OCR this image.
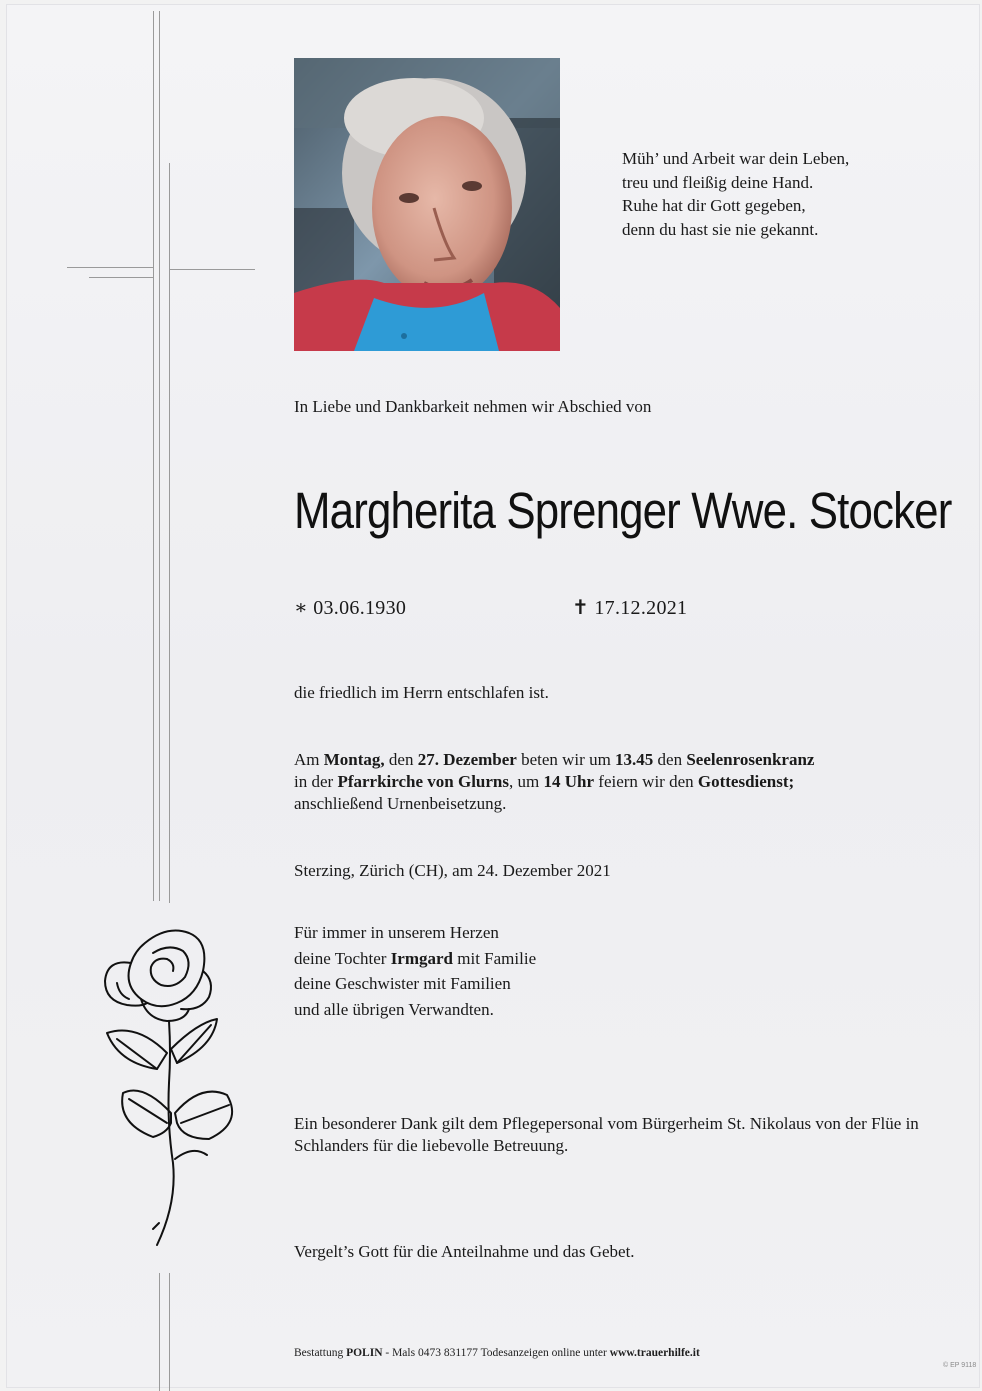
Müh’ und Arbeit war dein Leben,
treu und fleißig deine Hand.
Ruhe hat dir Gott gegeben,
denn du hast sie nie gekannt.
In Liebe und Dankbarkeit nehmen wir Abschied von
Margherita Sprenger Wwe. Stocker
∗ 03.06.1930	✝ 17.12.2021
die friedlich im Herrn entschlafen ist.
Am Montag, den 27. Dezember beten wir um 13.45 den Seelenrosenkranz
in der Pfarrkirche von Glurns, um 14 Uhr feiern wir den Gottesdienst;
anschließend Urnenbeisetzung.
Sterzing, Zürich (CH), am 24. Dezember 2021
Für immer in unserem Herzen
deine Tochter Irmgard mit Familie
deine Geschwister mit Familien
und alle übrigen Verwandten.
Ein besonderer Dank gilt dem Pflegepersonal vom Bürgerheim St. Nikolaus von der Flüe in Schlanders für die liebevolle Betreuung.
Vergelt’s Gott für die Anteilnahme und das Gebet.
Bestattung POLIN - Mals 0473 831177 Todesanzeigen online unter www.trauerhilfe.it
© EP 9118
